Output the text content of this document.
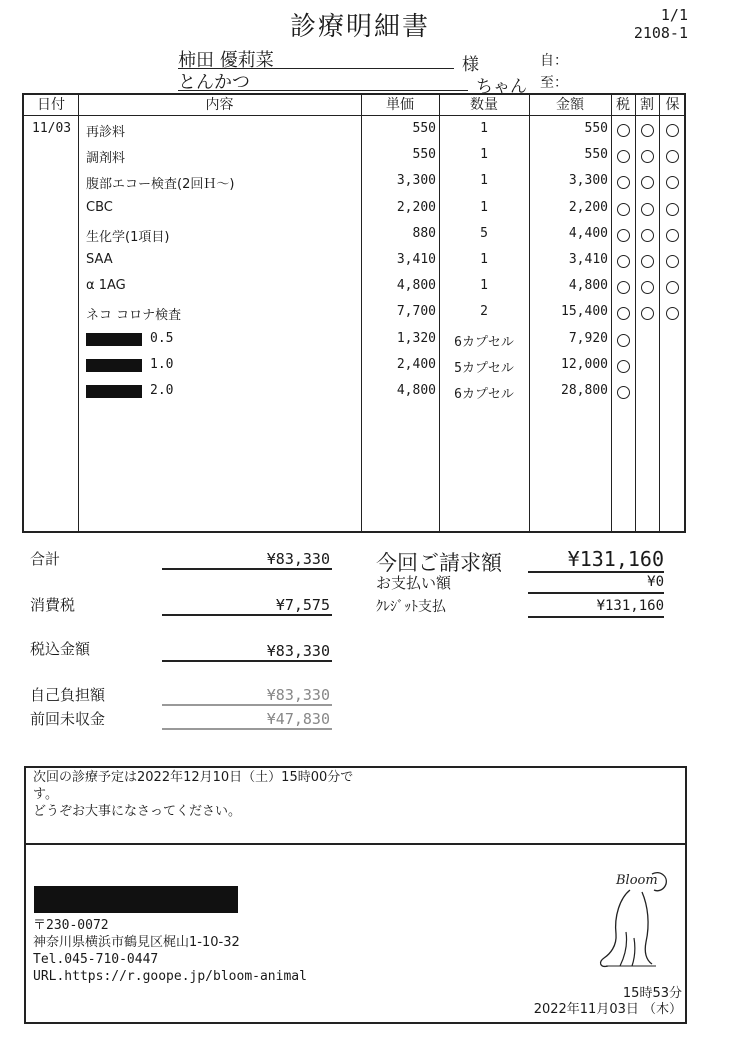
診療明細書	1/1
2108-1
柿田 優莉菜	様	自：
とんかつ	ちゃん 至：
日付	内容	単価	数量	金額	税 割 保
11/03 再診料	550	1	550
調剤料	550	1	550
腹部エコー検査(2回Ｈ～)	3,300	1	3,300
CBC	2,200	1	2,200
生化学(1項目)	880	5	4,400
SAA	3,410	1	3,410
α 1AG	4,800	1	4,800
ネコ コロナ検査	7,700	2	15,400
0.5	1,320	6カプセル	7,920
1.0	2,400	5カプセル	12,000
2.0	4,800	6カプセル	28,800
合計	¥83,330
消費税	¥7,575
税込金額	¥83,330
自己負担額	¥83,330
前回未収金	¥47,830
今回ご請求額	¥131,160
お支払い額	¥0
ｸﾚｼﾞｯﾄ支払	¥131,160
次回の診療予定は2022年12月10日（土）15時00分で
す。
どうぞお大事になさってください。
〒230-0072
神奈川県横浜市鶴見区梶山1-10-32
Tel.045-710-0447
URL.https://r.goope.jp/bloom-animal
Bloom
15時53分
2022年11月03日 （木）
